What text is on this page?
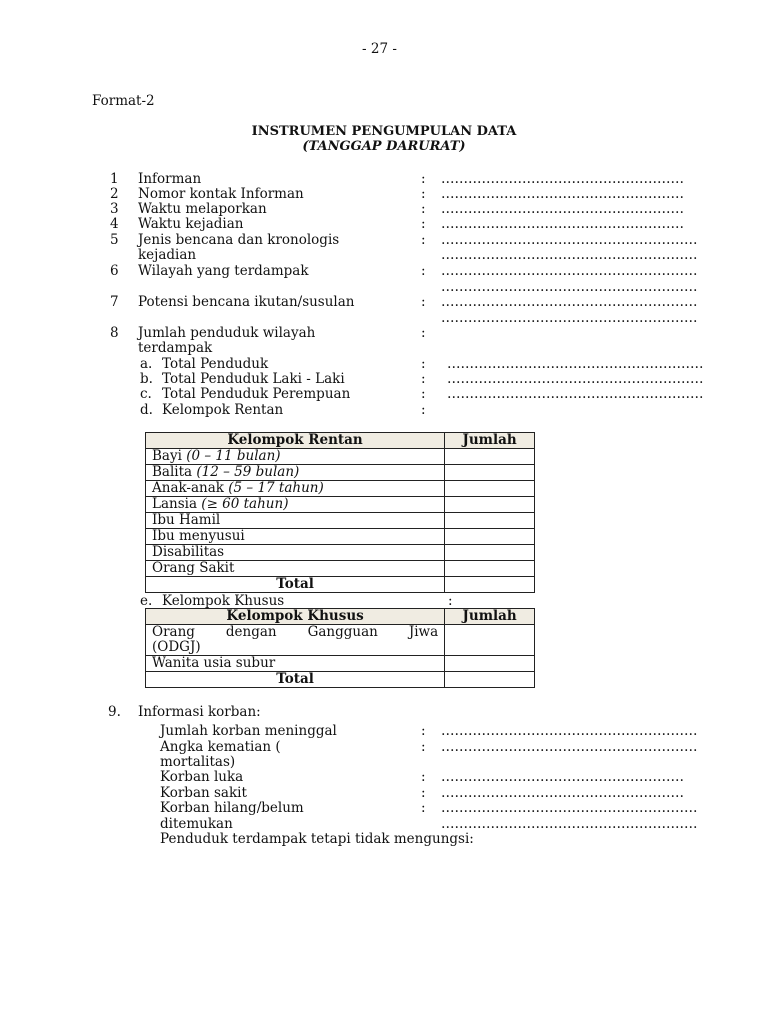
- 27 -
Format-2
INSTRUMEN PENGUMPULAN DATA
(TANGGAP DARURAT)
1 Informan	: ………………………………………………
2 Nomor kontak Informan	: ………………………………………………
3 Waktu melaporkan	: ………………………………………………
4 Waktu kejadian	: ………………………………………………
5 Jenis bencana dan kronologis
kejadian
: …………………………………………………
…………………………………………………
6 Wilayah yang terdampak	: …………………………………………………
…………………………………………………
7 Potensi bencana ikutan/susulan	: …………………………………………………
…………………………………………………
8 Jumlah penduduk wilayah
terdampak
:
a. Total Penduduk	: …………………………………………………
b. Total Penduduk Laki - Laki	: …………………………………………………
c. Total Penduduk Perempuan	: …………………………………………………
d. Kelompok Rentan	:
Kelompok Rentan	Jumlah
Bayi (0 – 11 bulan)	
Balita (12 – 59 bulan)	
Anak-anak (5 – 17 tahun)	
Lansia (≥ 60 tahun)	
Ibu Hamil	
Ibu menyusui	
Disabilitas	
Orang Sakit	
Total	
e. Kelompok Khusus	:
Kelompok Khusus	Jumlah

Orang dengan Gangguan Jiwa
(ODGJ)	

Wanita usia subur	
Total	
9. Informasi korban:
Jumlah korban meninggal	: …………………………………………………
Angka kematian (
mortalitas)
: …………………………………………………
Korban luka	: ………………………………………………
Korban sakit	: ………………………………………………
Korban hilang/belum
ditemukan
: …………………………………………………
…………………………………………………
Penduduk terdampak tetapi tidak mengungsi:
